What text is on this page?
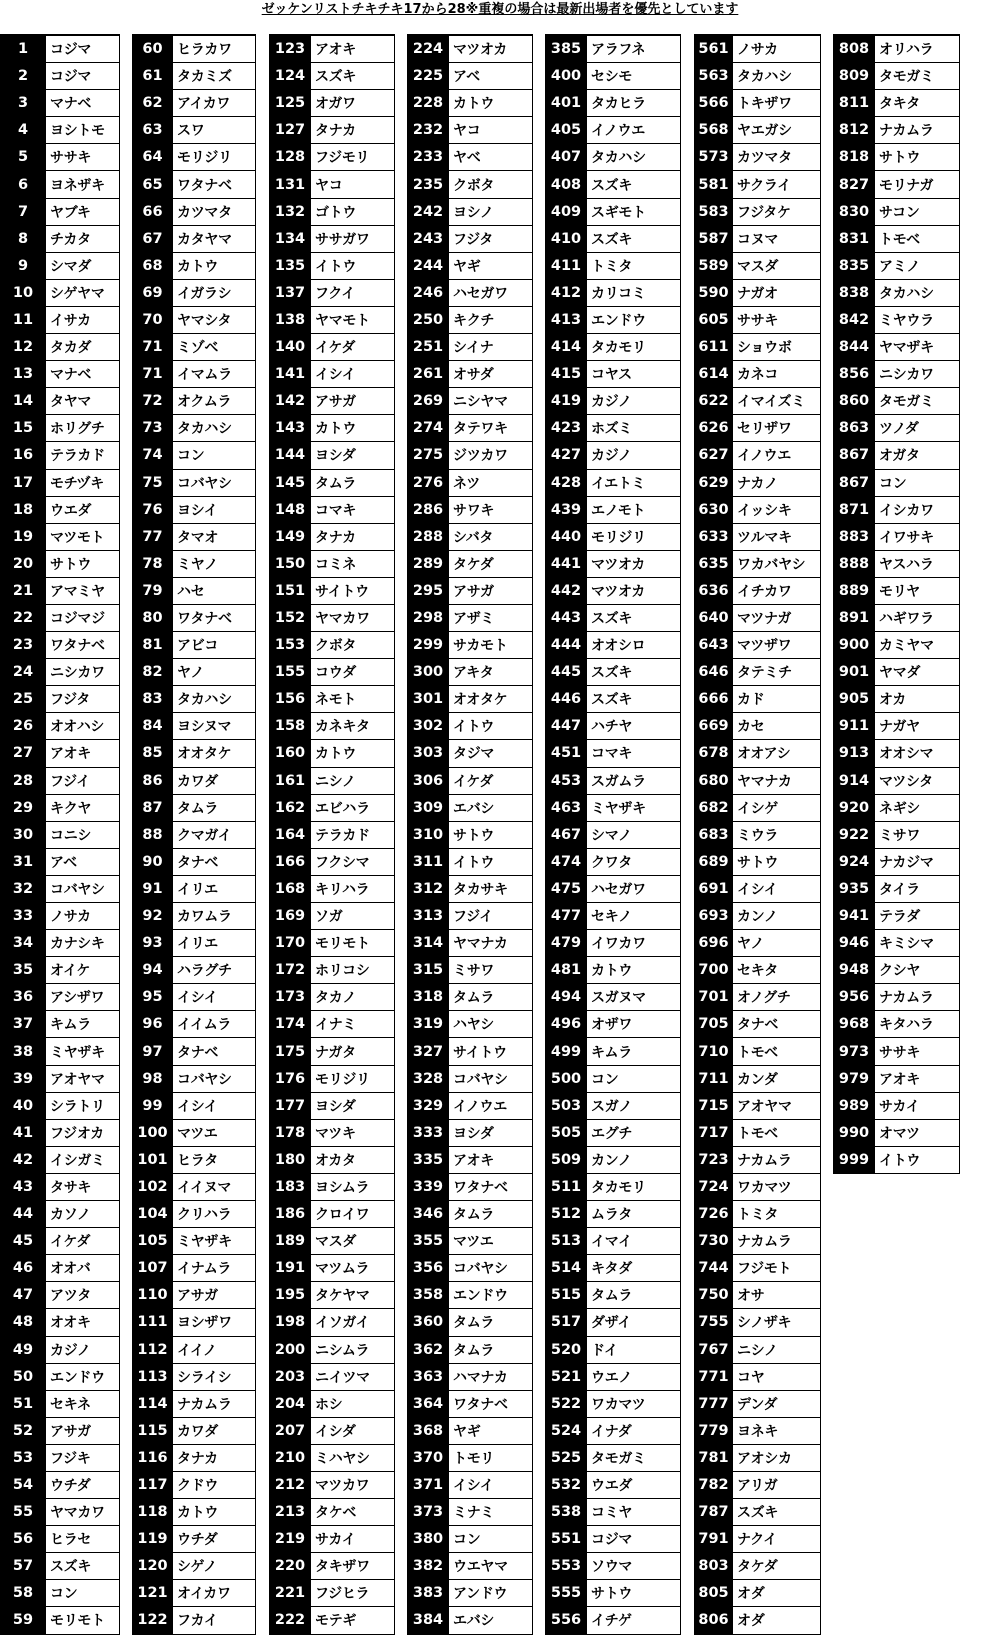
ゼッケンリストチキチキ17から28※重複の場合は最新出場者を優先としています
1	コジマ
2	コジマ
3	マナベ
4	ヨシトモ
5	ササキ
6	ヨネザキ
7	ヤブキ
8	チカタ
9	シマダ
10	シゲヤマ
11	イサカ
12	タカダ
13	マナベ
14	タヤマ
15	ホリグチ
16	テラカド
17	モチヅキ
18	ウエダ
19	マツモト
20	サトウ
21	アマミヤ
22	コジマジ
23	ワタナベ
24	ニシカワ
25	フジタ
26	オオハシ
27	アオキ
28	フジイ
29	キクヤ
30	コニシ
31	アベ
32	コバヤシ
33	ノサカ
34	カナシキ
35	オイケ
36	アシザワ
37	キムラ
38	ミヤザキ
39	アオヤマ
40	シラトリ
41	フジオカ
42	イシガミ
43	タサキ
44	カソノ
45	イケダ
46	オオバ
47	アツタ
48	オオキ
49	カジノ
50	エンドウ
51	セキネ
52	アサガ
53	フジキ
54	ウチダ
55	ヤマカワ
56	ヒラセ
57	スズキ
58	コン
59	モリモト
60	ヒラカワ
61	タカミズ
62	アイカワ
63	スワ
64	モリジリ
65	ワタナベ
66	カツマタ
67	カタヤマ
68	カトウ
69	イガラシ
70	ヤマシタ
71	ミゾベ
71	イマムラ
72	オクムラ
73	タカハシ
74	コン
75	コバヤシ
76	ヨシイ
77	タマオ
78	ミヤノ
79	ハセ
80	ワタナベ
81	アビコ
82	ヤノ
83	タカハシ
84	ヨシヌマ
85	オオタケ
86	カワダ
87	タムラ
88	クマガイ
90	タナベ
91	イリエ
92	カワムラ
93	イリエ
94	ハラグチ
95	イシイ
96	イイムラ
97	タナベ
98	コバヤシ
99	イシイ
100 マツエ
101 ヒラタ
102 イイヌマ
104 クリハラ
105 ミヤザキ
107 イナムラ
110 アサガ
111 ヨシザワ
112 イイノ
113 シライシ
114 ナカムラ
115 カワダ
116 タナカ
117 クドウ
118 カトウ
119 ウチダ
120 シゲノ
121 オイカワ
122 フカイ
123 アオキ
124 スズキ
125 オガワ
127 タナカ
128 フジモリ
131 ヤコ
132 ゴトウ
134 ササガワ
135 イトウ
137 フクイ
138 ヤマモト
140 イケダ
141 イシイ
142 アサガ
143 カトウ
144 ヨシダ
145 タムラ
148 コマキ
149 タナカ
150 コミネ
151 サイトウ
152 ヤマカワ
153 クボタ
155 コウダ
156 ネモト
158 カネキタ
160 カトウ
161 ニシノ
162 エビハラ
164 テラカド
166 フクシマ
168 キリハラ
169 ソガ
170 モリモト
172 ホリコシ
173 タカノ
174 イナミ
175 ナガタ
176 モリジリ
177 ヨシダ
178 マツキ
180 オカタ
183 ヨシムラ
186 クロイワ
189 マスダ
191 マツムラ
195 タケヤマ
198 イソガイ
200 ニシムラ
203 ニイツマ
204 ホシ
207 イシダ
210 ミハヤシ
212 マツカワ
213 タケベ
219 サカイ
220 タキザワ
221 フジヒラ
222 モテギ
224 マツオカ
225 アベ
228 カトウ
232 ヤコ
233 ヤベ
235 クボタ
242 ヨシノ
243 フジタ
244 ヤギ
246 ハセガワ
250 キクチ
251 シイナ
261 オサダ
269 ニシヤマ
274 タテワキ
275 ジツカワ
276 ネツ
286 サワキ
288 シバタ
289 タケダ
295 アサガ
298 アザミ
299 サカモト
300 アキタ
301 オオタケ
302 イトウ
303 タジマ
306 イケダ
309 エバシ
310 サトウ
311 イトウ
312 タカサキ
313 フジイ
314 ヤマナカ
315 ミサワ
318 タムラ
319 ハヤシ
327 サイトウ
328 コバヤシ
329 イノウエ
333 ヨシダ
335 アオキ
339 ワタナベ
346 タムラ
355 マツエ
356 コバヤシ
358 エンドウ
360 タムラ
362 タムラ
363 ハマナカ
364 ワタナベ
368 ヤギ
370 トモリ
371 イシイ
373 ミナミ
380 コン
382 ウエヤマ
383 アンドウ
384 エバシ
385 アラフネ
400 セシモ
401 タカヒラ
405 イノウエ
407 タカハシ
408 スズキ
409 スギモト
410 スズキ
411 トミタ
412 カリコミ
413 エンドウ
414 タカモリ
415 コヤス
419 カジノ
423 ホズミ
427 カジノ
428 イエトミ
439 エノモト
440 モリジリ
441 マツオカ
442 マツオカ
443 スズキ
444 オオシロ
445 スズキ
446 スズキ
447 ハチヤ
451 コマキ
453 スガムラ
463 ミヤザキ
467 シマノ
474 クワタ
475 ハセガワ
477 セキノ
479 イワカワ
481 カトウ
494 スガヌマ
496 オザワ
499 キムラ
500 コン
503 スガノ
505 エグチ
509 カンノ
511 タカモリ
512 ムラタ
513 イマイ
514 キタダ
515 タムラ
517 ダザイ
520 ドイ
521 ウエノ
522 ワカマツ
524 イナダ
525 タモガミ
532 ウエダ
538 コミヤ
551 コジマ
553 ソウマ
555 サトウ
556 イチゲ
561 ノサカ
563 タカハシ
566 トキザワ
568 ヤエガシ
573 カツマタ
581 サクライ
583 フジタケ
587 コヌマ
589 マスダ
590 ナガオ
605 ササキ
611 ショウボ
614 カネコ
622 イマイズミ
626 セリザワ
627 イノウエ
629 ナカノ
630 イッシキ
633 ツルマキ
635 ワカバヤシ
636 イチカワ
640 マツナガ
643 マツザワ
646 タテミチ
666 カド
669 カセ
678 オオアシ
680 ヤマナカ
682 イシゲ
683 ミウラ
689 サトウ
691 イシイ
693 カンノ
696 ヤノ
700 セキタ
701 オノグチ
705 タナベ
710 トモベ
711 カンダ
715 アオヤマ
717 トモベ
723 ナカムラ
724 ワカマツ
726 トミタ
730 ナカムラ
744 フジモト
750 オサ
755 シノザキ
767 ニシノ
771 コヤ
777 デンダ
779 ヨネキ
781 アオシカ
782 アリガ
787 スズキ
791 ナクイ
803 タケダ
805 オダ
806 オダ
808 オリハラ
809 タモガミ
811 タキタ
812 ナカムラ
818 サトウ
827 モリナガ
830 サコン
831 トモベ
835 アミノ
838 タカハシ
842 ミヤウラ
844 ヤマザキ
856 ニシカワ
860 タモガミ
863 ツノダ
867 オガタ
867 コン
871 イシカワ
883 イワサキ
888 ヤスハラ
889 モリヤ
891 ハギワラ
900 カミヤマ
901 ヤマダ
905 オカ
911 ナガヤ
913 オオシマ
914 マツシタ
920 ネギシ
922 ミサワ
924 ナカジマ
935 タイラ
941 テラダ
946 キミシマ
948 クシヤ
956 ナカムラ
968 キタハラ
973 ササキ
979 アオキ
989 サカイ
990 オマツ
999 イトウ
